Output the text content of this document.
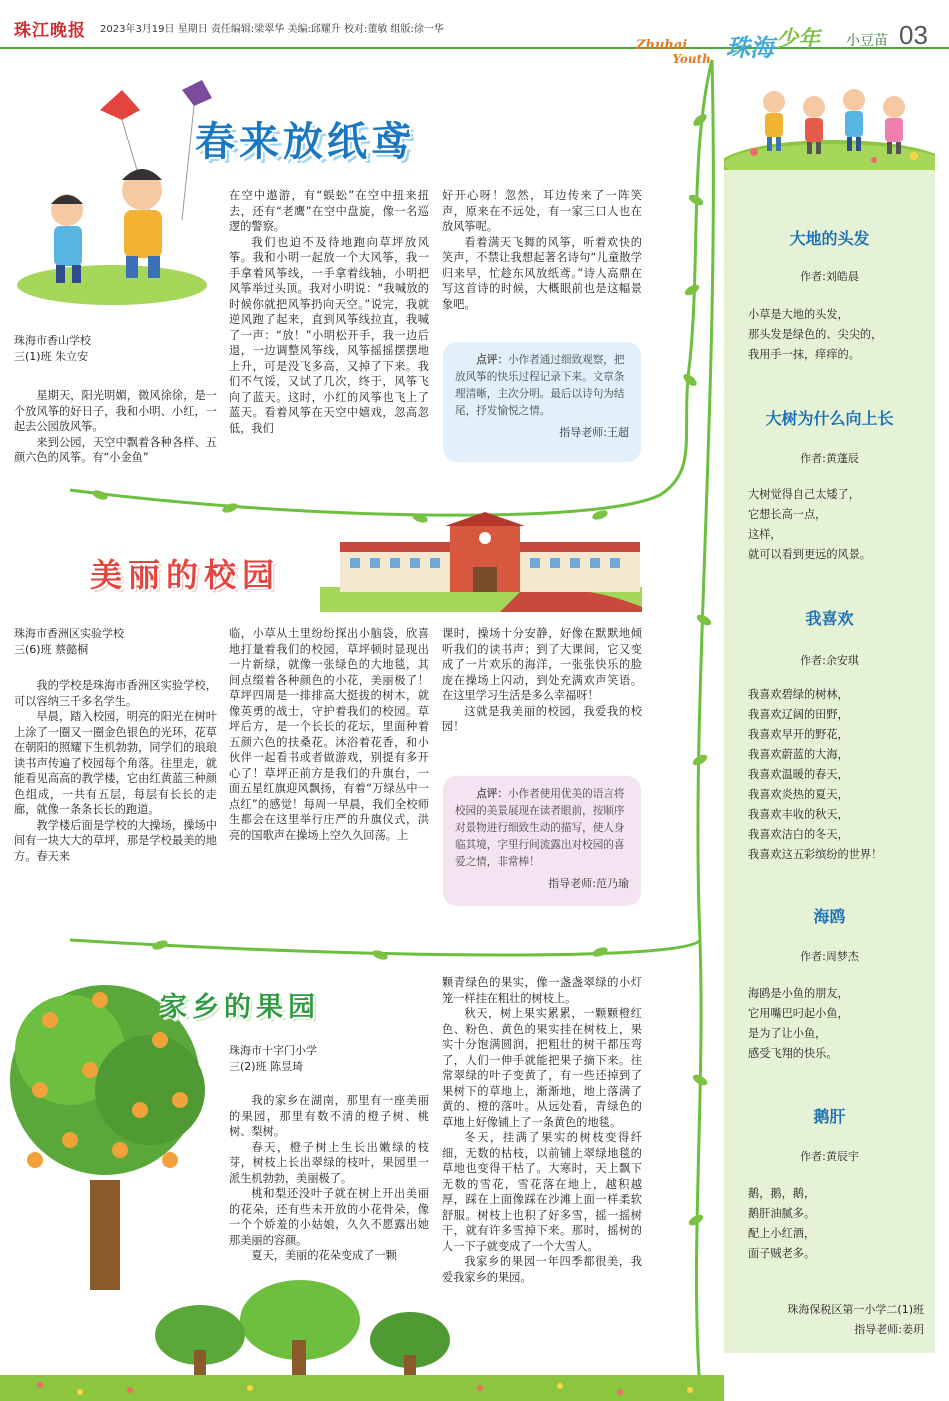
珠江晚报 2023年3月19日 星期日 责任编辑:梁翠华 美编:邱耀升 校对:董敏 组版:徐一华
Zhuhai $_{Youth}$ 珠海 少年 小豆苗 03
春来放纸鸢
珠海市香山学校
三(1)班 朱立安

星期天，阳光明媚，微风徐徐，是一个放风筝的好日子，我和小明、小红，一起去公园放风筝。

来到公园，天空中飘着各种各样、五颜六色的风筝。有“小金鱼”

在空中遨游，有“蜈蚣”在空中扭来扭去，还有“老鹰”在空中盘旋，像一名巡逻的警察。

我们也迫不及待地跑向草坪放风筝。我和小明一起放一个大风筝，我一手拿着风筝线，一手拿着线轴，小明把风筝举过头顶。我对小明说：“我喊放的时候你就把风筝扔向天空。”说完，我就逆风跑了起来，直到风筝线拉直，我喊了一声：“放！”小明松开手，我一边后退，一边调整风筝线，风筝摇摇摆摆地上升，可是没飞多高，又掉了下来。我们不气馁，又试了几次，终于，风筝飞向了蓝天。这时，小红的风筝也飞上了蓝天。看着风筝在天空中嬉戏，忽高忽低，我们

好开心呀！忽然，耳边传来了一阵笑声，原来在不远处，有一家三口人也在放风筝呢。

看着满天飞舞的风筝，听着欢快的笑声，不禁让我想起著名诗句“儿童散学归来早，忙趁东风放纸鸢。”诗人高鼎在写这首诗的时候，大概眼前也是这幅景象吧。

点评：小作者通过细致观察，把放风筝的快乐过程记录下来。文章条理清晰，主次分明。最后以诗句为结尾，抒发愉悦之情。
指导老师:王超
美丽的校园
珠海市香洲区实验学校
三(6)班 蔡懿桐

我的学校是珠海市香洲区实验学校，可以容纳三千多名学生。

早晨，踏入校园，明亮的阳光在树叶上涂了一圈又一圈金色银色的光环，花草在朝阳的照耀下生机勃勃，同学们的琅琅读书声传遍了校园每个角落。往里走，就能看见高高的教学楼，它由红黄蓝三种颜色组成，一共有五层，每层有长长的走廊，就像一条条长长的跑道。

教学楼后面是学校的大操场，操场中间有一块大大的草坪，那是学校最美的地方。春天来

临，小草从土里纷纷探出小脑袋，欣喜地打量着我们的校园，草坪顿时显现出一片新绿，就像一张绿色的大地毯，其间点缀着各种颜色的小花，美丽极了！草坪四周是一排排高大挺拔的树木，就像英勇的战士，守护着我们的校园。草坪后方，是一个长长的花坛，里面种着五颜六色的扶桑花。沐浴着花香，和小伙伴一起看书或者做游戏，别提有多开心了！草坪正前方是我们的升旗台，一面五星红旗迎风飘扬，有着“万绿丛中一点红”的感觉！每周一早晨，我们全校师生都会在这里举行庄严的升旗仪式，洪亮的国歌声在操场上空久久回荡。上

课时，操场十分安静，好像在默默地倾听我们的读书声；到了大课间，它又变成了一片欢乐的海洋，一张张快乐的脸庞在操场上闪动，到处充满欢声笑语。在这里学习生活是多么幸福呀！

这就是我美丽的校园，我爱我的校园！

点评：小作者使用优美的语言将校园的美景展现在读者眼前，按顺序对景物进行细致生动的描写，使人身临其境，字里行间流露出对校园的喜爱之情，非常棒！
指导老师:范乃瑜
家乡的果园
珠海市十字门小学
三(2)班 陈昱琦

我的家乡在湖南，那里有一座美丽的果园，那里有数不清的橙子树、桃树、梨树。

春天，橙子树上生长出嫩绿的枝芽，树枝上长出翠绿的枝叶，果园里一派生机勃勃，美丽极了。

桃和梨还没叶子就在树上开出美丽的花朵，还有些未开放的小花骨朵，像一个个娇羞的小姑娘，久久不愿露出她那美丽的容颜。

夏天，美丽的花朵变成了一颗

颗青绿色的果实，像一盏盏翠绿的小灯笼一样挂在粗壮的树枝上。

秋天，树上果实累累，一颗颗橙红色、粉色、黄色的果实挂在树枝上，果实十分饱满圆润，把粗壮的树干都压弯了，人们一伸手就能把果子摘下来。往常翠绿的叶子变黄了，有一些还掉到了果树下的草地上，渐渐地，地上落满了黄的、橙的落叶。从远处看，青绿色的草地上好像铺上了一条黄色的地毯。

冬天，挂满了果实的树枝变得纤细，无数的枯枝，以前铺上翠绿地毯的草地也变得干枯了。大寒时，天上飘下无数的雪花，雪花落在地上，越积越厚，踩在上面像踩在沙滩上面一样柔软舒服。树枝上也积了好多雪，摇一摇树干，就有许多雪掉下来。那时，摇树的人一下子就变成了一个大雪人。

我家乡的果园一年四季都很美，我爱我家乡的果园。

大地的头发
作者:刘皓晨
小草是大地的头发，
那头发是绿色的、尖尖的，
我用手一抹，痒痒的。
大树为什么向上长
作者:黄蓬辰
大树觉得自己太矮了，
它想长高一点，
这样，
就可以看到更远的风景。
我喜欢
作者:余安琪
我喜欢碧绿的树林，
我喜欢辽阔的田野，
我喜欢早开的野花，
我喜欢蔚蓝的大海，
我喜欢温暖的春天，
我喜欢炎热的夏天，
我喜欢丰收的秋天，
我喜欢洁白的冬天，
我喜欢这五彩缤纷的世界！
海鸥
作者:周梦杰
海鸥是小鱼的朋友，
它用嘴巴叼起小鱼，
是为了让小鱼，
感受飞翔的快乐。
鹅肝
作者:黄辰宇
鹅，鹅，鹅，
鹅肝油腻多。
配上小红酒，
面子贼老多。
珠海保税区第一小学二(1)班
指导老师:姜玥
